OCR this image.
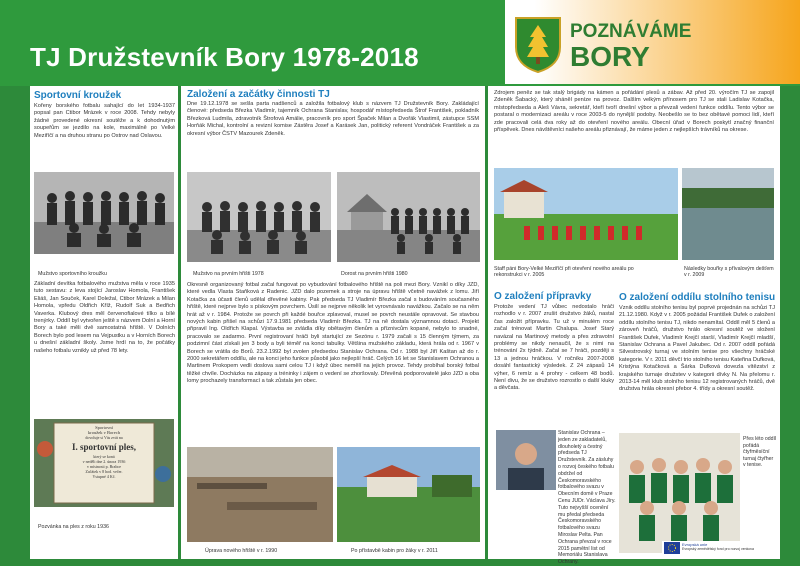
TJ Družstevník Bory 1978-2018
POZNÁVÁME
BORY
Sportovní kroužek
Kořeny borského fotbalu sahající do let 1934-1937 popsal pan Ctibor Mrázek v roce 2008. Tehdy nebyly žádné provedené okresní soutěže a k dohodnutým soupeřům se jezdilo na kole, maximálně po Velké Meziříčí a na druhou stranu po Ostrov nad Oslavou.
Mužstvo sportovního kroužku
Základní devítka fotbalového mužstva měla v roce 1935 tuto sestavu: z leva stojící Jaroslav Homola, František Eliáš, Jan Souček, Karel Doležal, Ctibor Mrázek a Milan Homola, vpředu Oldřich Kříž, Rudolf Suk a Bedřich Vaverka. Klubový dres měl červenofialové tílko a bílé trenýrky. Oddíl byl vytvořen ještě s názvem Dolní a Horní Bory a také měli dvě samostatná hřiště. V Dolních Borech bylo pod lesem na Vejpustku a v Horních Borech u dnešní základní školy. Jsme hrdí na to, že počátky našeho fotbalu vznikly už před 78 lety.
Sportovní
kroužek v Borech
dovoluje si Vás zvát na
I. sportovní ples,
který se koná
v neděli dne 2. února 1936
v místnosti p. Brabce
Začátek v 8 hod. večer.
Vstupné 4 Kč.
Pozvánka na ples z roku 1936
Založení a začátky činnosti TJ
Dne 19.12.1978 se sešla parta nadšenců a založila fotbalový klub s názvem TJ Družstevník Bory. Zakládající členové: předseda Březka Vladimír, tajemník Ochrana Stanislav, hospodář místopředseda Štrof František, pokladník Březková Ludmila, zdravotník Štrofová Amálie, pracovník pro sport Špaček Milan a Dvořák Vlastimil, zástupce SSM Horňák Michal, kontrolní a revizní komise Zástěra Josef a Karásek Jan, politický referent Vondráček František a za okresní výbor ČSTV Mazourek Zdeněk.
Mužstvo na prvním hřišti 1978	Dorost na prvním hřišti 1980
Okresně organizovaný fotbal začal fungovat po vybudování fotbalového hřiště na poli mezi Bory. Vznikl o díky JZD, které vedla Vlasta Staňková z Radenic. JZD dalo pozemek a stroje na úpravu hřiště včetně navážek z lomu. Jiří Kotačka za účasti členů udělal dřevěné kabiny. Pak předseda TJ Vladimír Březka začal s budováním současného hřiště, které nejprve bylo s pískovým povrchem. Úsilí se nejprve několik let vyrovnávalo navážkou. Začalo se na něm hrát až v r. 1984. Protože se povrch při každé bouřce zplavoval, musel se povrch neustále opravovat. Se stavbou nových kabin přišel na schůzi 17.9.1981 předseda Vladimír Březka. TJ na ně dostala významnou dotaci. Projekt připravil Ing. Oldřich Klapal. Výstavba se zvládla díky obětavým členům a příznivcům kopané, nebylo to snadné, pracovalo se zadarmo. První registrovaní hráči byli startující ze Sezónu r. 1979 začali s 15 členným týmem, za podzimní část získali jen 3 body a byli téměř na konci tabulky. Většina mužského základu, která hrála od r. 1967 v Borech se vrátila do Borů. 23.2.1992 byl zvolen předsedou Stanislav Ochrana. Od r. 1988 byl Jiří Kaštan až do r. 2000 sekretářem oddílu, ale na konci jeho funkce působil jako nejlepší hráč. Celých 16 let se Stanislavem Ochranou a Martinem Prokopem vedli doslova sami celou TJ i když úbec nemělí na jejich provoz. Tehdy probíhal borský fotbal těžké chvíle. Docházka na zápasy a tréninky i zájem o vedení se zhoršovaly. Dřevěná podporovatelé jako JZD a oba lomy prochazely transformací a tak zůstala jen obec.
Úprava nového hřiště v r. 1990	Po přístavbě kabin pro žáky v r. 2011
Zdrojem peněz se tak stalý brigády na kámen a pořádání plesů a zábav. Až před 20. výročím TJ se zapojil Zdeněk Šabacký, který sháněl peníze na provoz. Dalším velkým přínosem pro TJ se stali Ladislav Kotačka, místopředseda a Aleš Vávra, sekretář, kteří tvoří dnešní výbor a převzali vedení funkce oddílu. Tento výbor se postaral o modernizaci areálu v roce 2003-5 do nynější podoby. Neobešlo se to bez obětavé pomoci lidí, kteří zde pracovali celá dva roky až do otevření nového areálu. Obecní úřad v Borech poskytl značný finanční příspěvek. Dnes návštěvníci našeho areálu přiznávají, že máme jeden z nejlepších trávníků na okrese.
Staff páni Bory-Velké Meziříčí při otevření nového areálu po rekonstrukci v r. 2005
Následky bouřky s přívalovým dešťem v r. 2009
O založení přípravky
Protože vedení TJ vůbec nedostalo hráči rozhodlo v r. 2007 zrušit družstvo žáků, nastal čas založit přípravku. Tu už v minulém roce začal trénovat Martin Chalupa. Josef Starý navázal na Martinový metody a přes zdravotní problémy se nikdy nenaučil, že s nimi na trénování 2x týdně. Začal se 7 hráči, později s 13 a jednou hráčkou. V ročníku 2007-2008 dosáhl fantastický výsledek. Z 24 zápasů 14 výher, 6 remíz a 4 prohry - celkem 48 bodů. Není divu, že se družstvo rozrostlo o další kluky a děvčata.
Stanislav Ochrana – jeden ze zakladatelů, dlouholetý a čestný předseda TJ Družstevník. Za zásluhy o rozvoj českého fotbalu obdržel od Českomoravského fotbalového svazu v Obecním domě v Praze Cenu JUDr. Václava Jíry. Tuto nejvyšší ocenění mu předal předseda Českomoravského fotbalového svazu Miroslav Pelta. Pan Ochrana převzal v roce 2015 pamětní list od Memoriálu Stanislava Ochrany.
O založení oddílu stolního tenisu
Vznik oddílu stolního tenisu byl poprvé projednán na schůzi TJ 21.12.1980. Když v r. 2005 požádal František Dufek o založení oddílu stolního tenisu TJ, nikdo nenamítal. Oddíl měl 5 členů a zároveň hráčů, družstvo hrálo okresní soutěž ve složení František Dufek, Vladimír Krejčí starší, Vladimír Krejčí mladší, Stanislav Ochrana a Pavel Jakubec. Od r. 2007 oddíl pořádá Silvestrovský turnaj ve stolním tenise pro všechny hráčské kategorie. V r. 2011 děvčí trio stolního tenisu Kateřina Dufková, Kristýna Kotačková a Šárka Dufková dovezla vítězství z krajského turnaje družstev v kategorii dívky N. Na přelomu r. 2013-14 měl klub stolního tenisu 12 registrovaných hráčů, dvě družstva hrála okresní přebor 4. třídy a okresní soutěž.
Přes léto oddíl pořádá čtyřměsíční turnaj čtyřher v tenise.
Evropská unie
Evropský zemědělský fond pro rozvoj venkova
